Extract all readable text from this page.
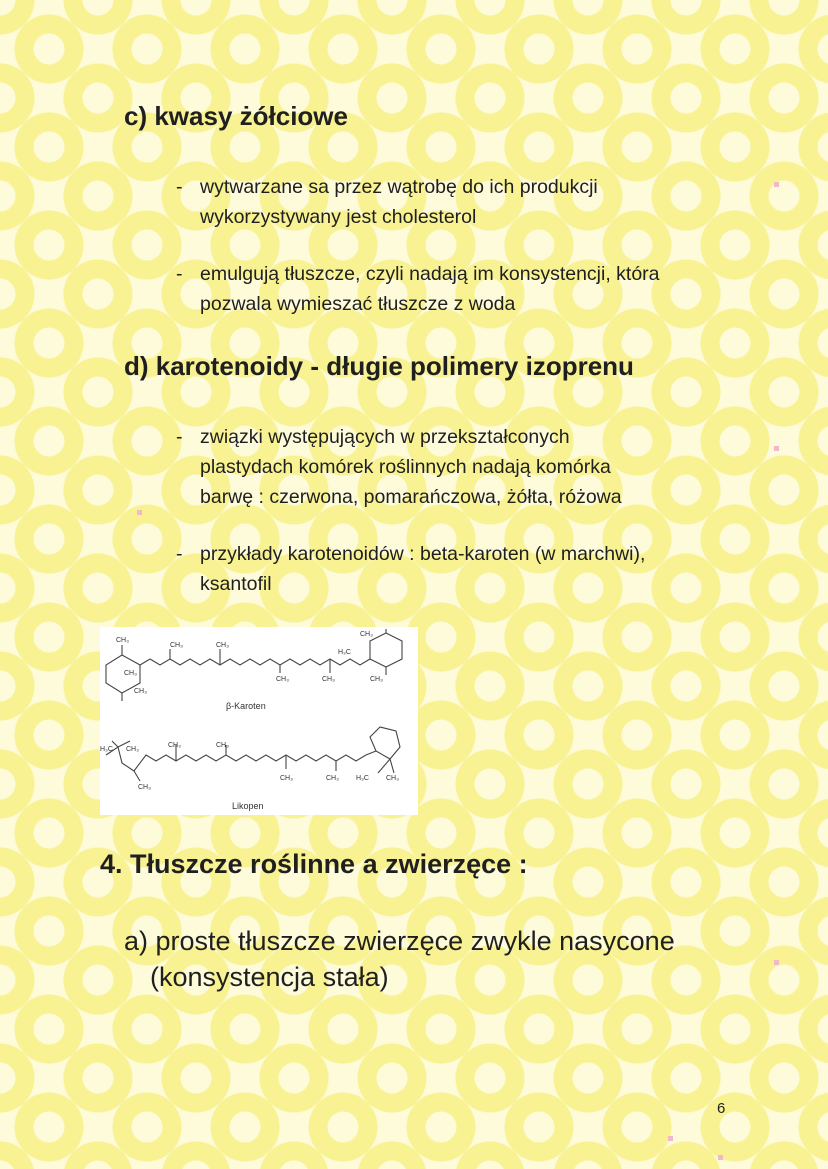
c) kwasy żółciowe
- wytwarzane sa przez wątrobę do ich produkcji
wykorzystywany jest cholesterol

- emulgują tłuszcze, czyli nadają im konsystencji, która
pozwala wymieszać tłuszcze z woda

d) karotenoidy - długie polimery izoprenu
- związki występujących w przekształconych
plastydach komórek roślinnych nadają komórka
barwę : czerwona, pomarańczowa, żółta, różowa

- przykłady karotenoidów : beta-karoten (w marchwi),
ksantofil

CH₃
CH₃	CH₃
CH₃
H₃C
CH₃
CH₃
CH₃	CH₃	CH₃
H₃C CH₃
CH₃	CH₃
CH₃
CH₃	CH₃ H₃C CH₃
β-Karoten
Likopen
4. Tłuszcze roślinne a zwierzęce :

a) proste tłuszcze zwierzęce zwykle nasycone
(konsystencja stała)

6
